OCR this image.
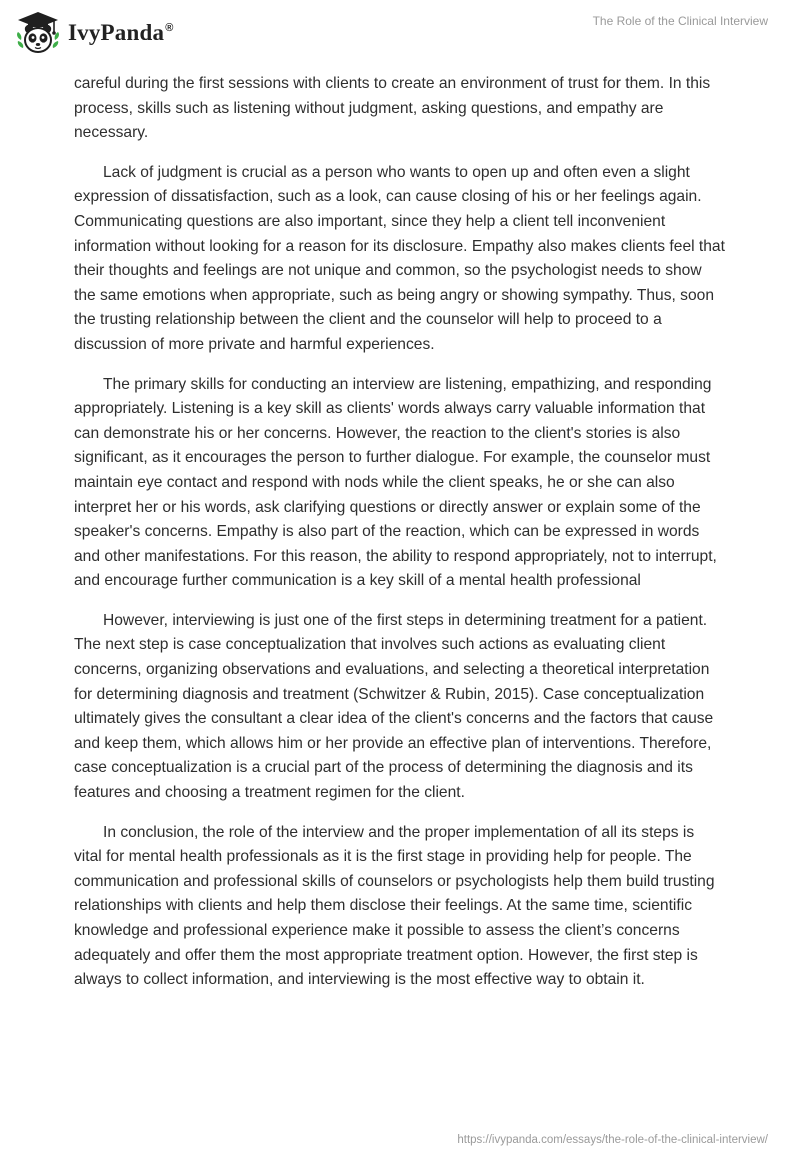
IvyPanda®
The Role of the Clinical Interview

careful during the first sessions with clients to create an environment of trust for them. In this process, skills such as listening without judgment, asking questions, and empathy are necessary.

Lack of judgment is crucial as a person who wants to open up and often even a slight expression of dissatisfaction, such as a look, can cause closing of his or her feelings again. Communicating questions are also important, since they help a client tell inconvenient information without looking for a reason for its disclosure. Empathy also makes clients feel that their thoughts and feelings are not unique and common, so the psychologist needs to show the same emotions when appropriate, such as being angry or showing sympathy. Thus, soon the trusting relationship between the client and the counselor will help to proceed to a discussion of more private and harmful experiences.

The primary skills for conducting an interview are listening, empathizing, and responding appropriately. Listening is a key skill as clients' words always carry valuable information that can demonstrate his or her concerns. However, the reaction to the client's stories is also significant, as it encourages the person to further dialogue. For example, the counselor must maintain eye contact and respond with nods while the client speaks, he or she can also interpret her or his words, ask clarifying questions or directly answer or explain some of the speaker's concerns. Empathy is also part of the reaction, which can be expressed in words and other manifestations. For this reason, the ability to respond appropriately, not to interrupt, and encourage further communication is a key skill of a mental health professional

However, interviewing is just one of the first steps in determining treatment for a patient. The next step is case conceptualization that involves such actions as evaluating client concerns, organizing observations and evaluations, and selecting a theoretical interpretation for determining diagnosis and treatment (Schwitzer & Rubin, 2015). Case conceptualization ultimately gives the consultant a clear idea of the client's concerns and the factors that cause and keep them, which allows him or her provide an effective plan of interventions. Therefore, case conceptualization is a crucial part of the process of determining the diagnosis and its features and choosing a treatment regimen for the client.

In conclusion, the role of the interview and the proper implementation of all its steps is vital for mental health professionals as it is the first stage in providing help for people. The communication and professional skills of counselors or psychologists help them build trusting relationships with clients and help them disclose their feelings. At the same time, scientific knowledge and professional experience make it possible to assess the client’s concerns adequately and offer them the most appropriate treatment option. However, the first step is always to collect information, and interviewing is the most effective way to obtain it.

https://ivypanda.com/essays/the-role-of-the-clinical-interview/
